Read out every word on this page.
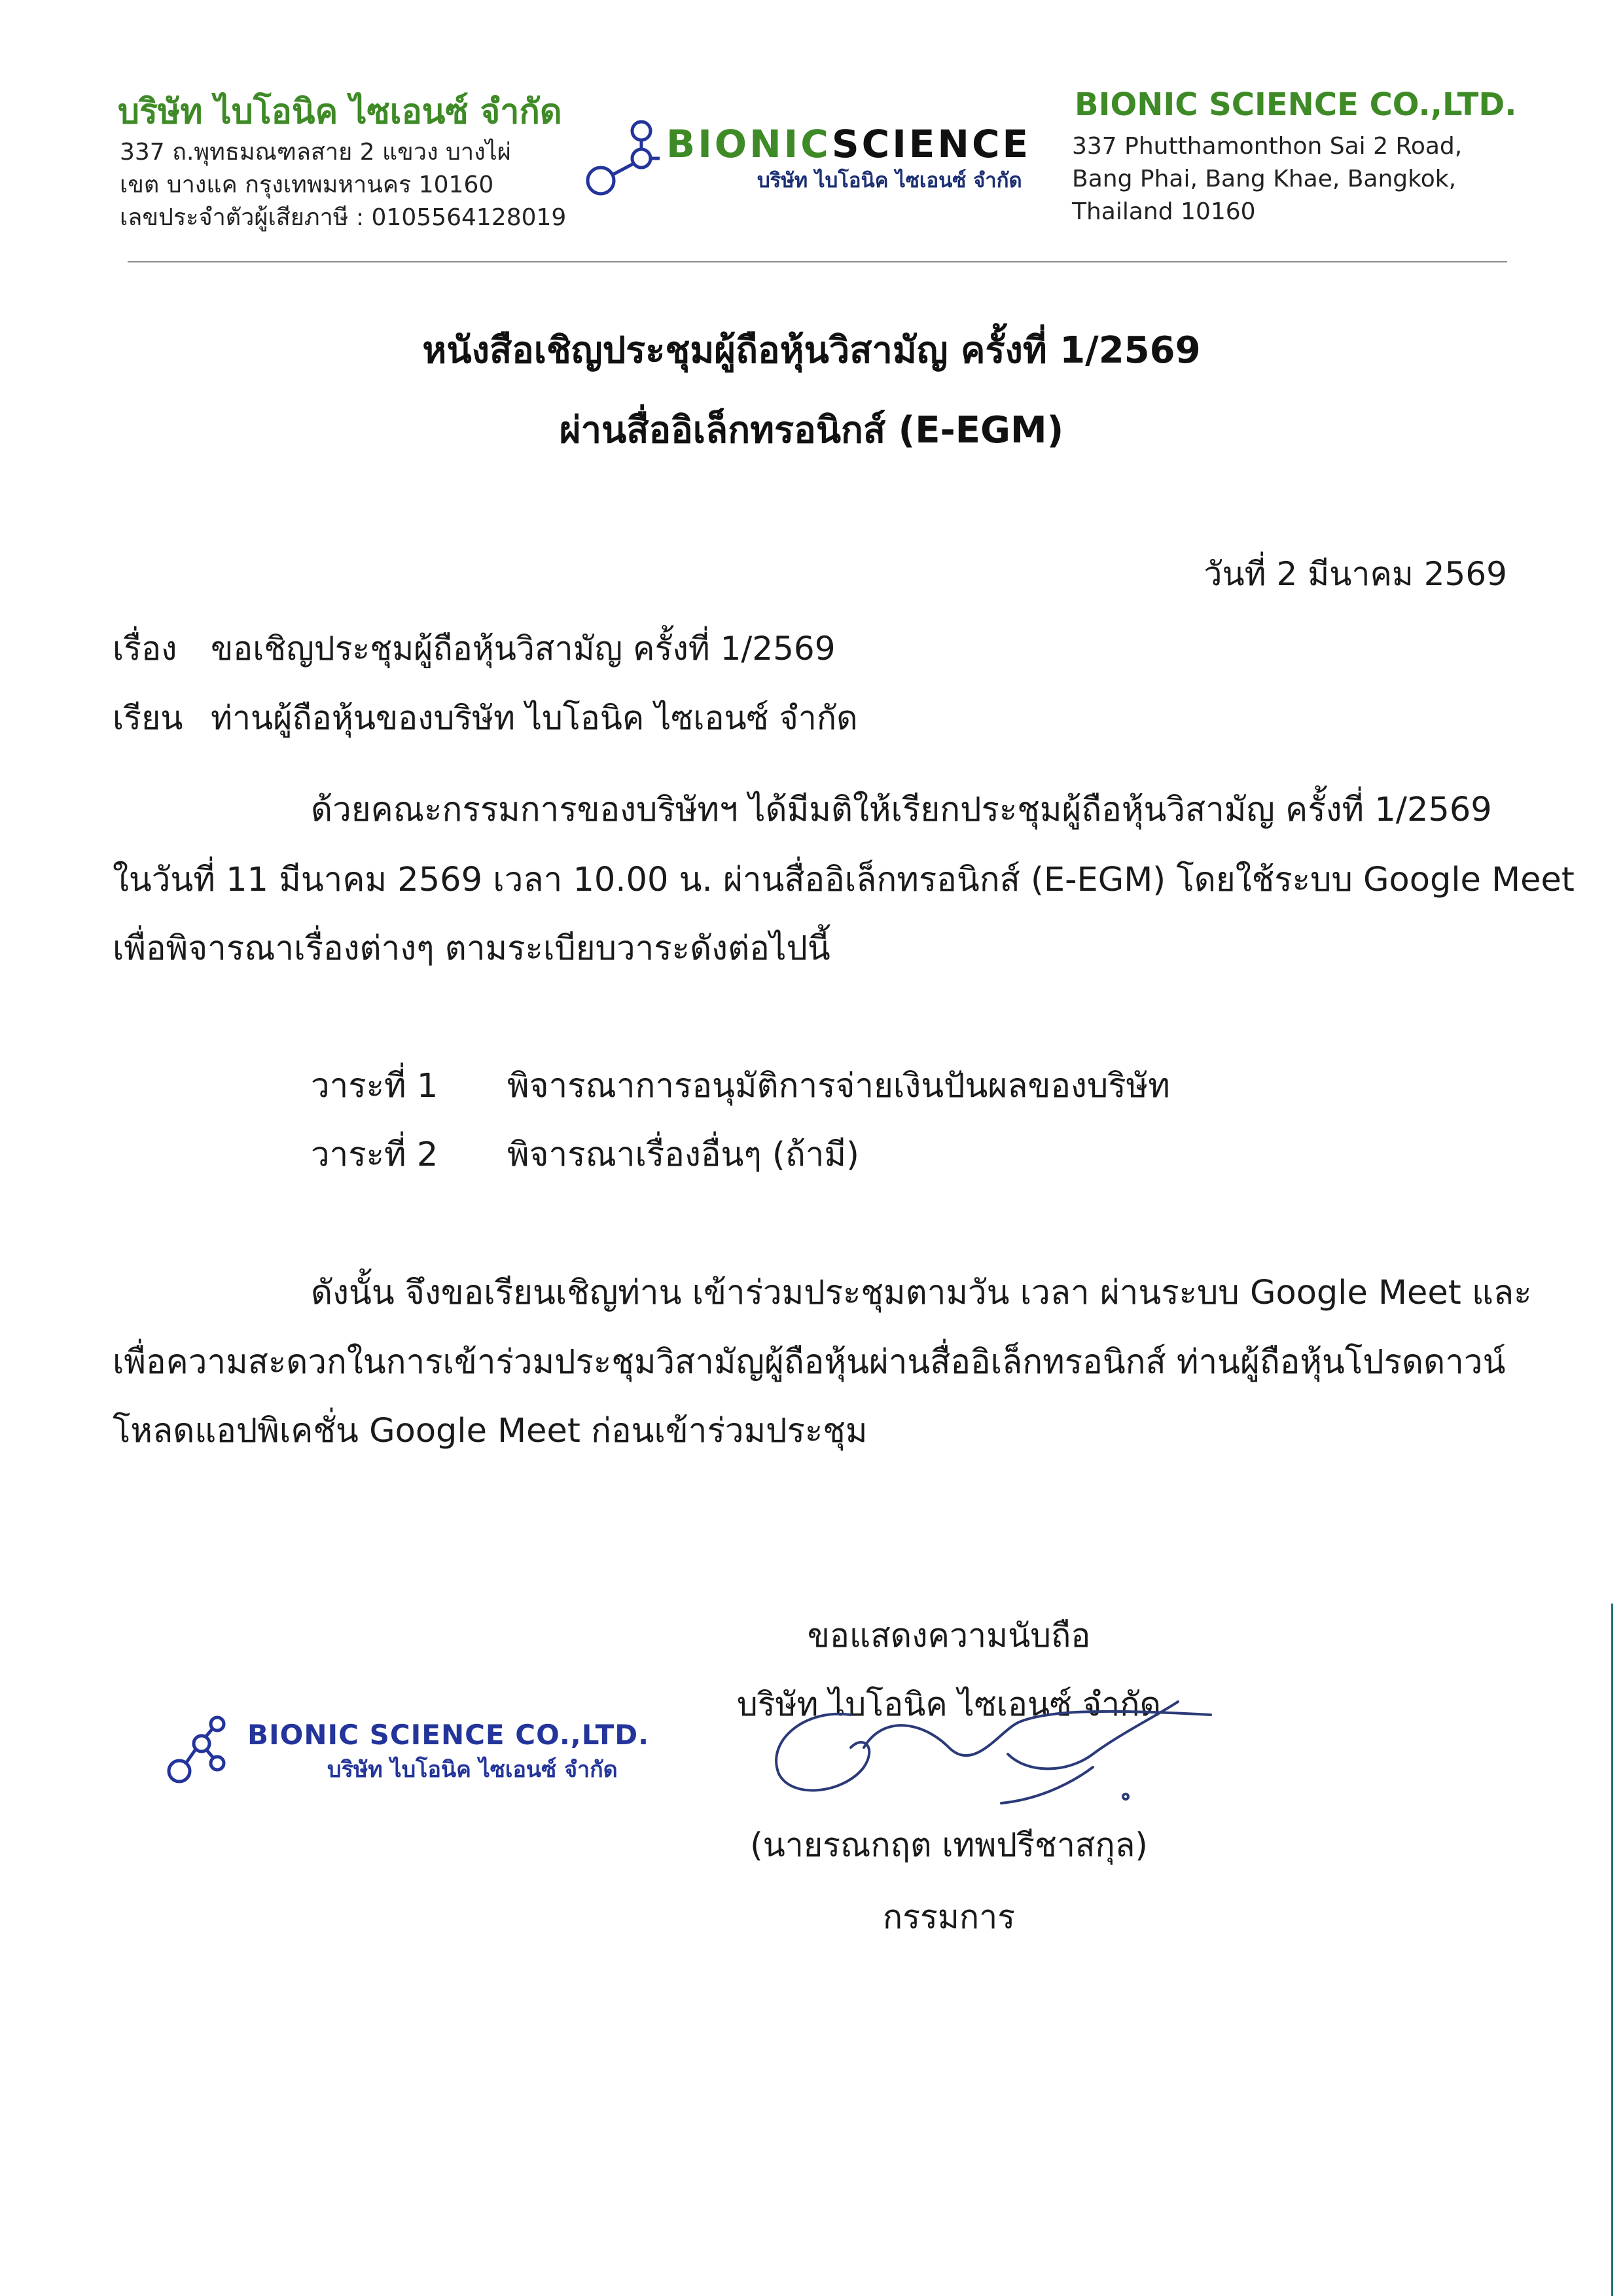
บริษัท ไบโอนิค ไซเอนซ์ จำกัด
337 ถ.พุทธมณฑลสาย 2 แขวง บางไผ่
เขต บางแค กรุงเทพมหานคร 10160
เลขประจำตัวผู้เสียภาษี : 0105564128019
BIONICSCIENCE
บริษัท ไบโอนิค ไซเอนซ์ จำกัด
BIONIC SCIENCE CO.,LTD.
337 Phutthamonthon Sai 2 Road,
Bang Phai, Bang Khae, Bangkok,
Thailand 10160
หนังสือเชิญประชุมผู้ถือหุ้นวิสามัญ ครั้งที่ 1/2569
ผ่านสื่ออิเล็กทรอนิกส์ (E-EGM)
วันที่ 2 มีนาคม 2569
เรื่อง ขอเชิญประชุมผู้ถือหุ้นวิสามัญ ครั้งที่ 1/2569
เรียน ท่านผู้ถือหุ้นของบริษัท ไบโอนิค ไซเอนซ์ จำกัด
ด้วยคณะกรรมการของบริษัทฯ ได้มีมติให้เรียกประชุมผู้ถือหุ้นวิสามัญ ครั้งที่ 1/2569
ในวันที่ 11 มีนาคม 2569 เวลา 10.00 น. ผ่านสื่ออิเล็กทรอนิกส์ (E-EGM) โดยใช้ระบบ Google Meet
เพื่อพิจารณาเรื่องต่างๆ ตามระเบียบวาระดังต่อไปนี้
วาระที่ 1 พิจารณาการอนุมัติการจ่ายเงินปันผลของบริษัท
วาระที่ 2 พิจารณาเรื่องอื่นๆ (ถ้ามี)
ดังนั้น จึงขอเรียนเชิญท่าน เข้าร่วมประชุมตามวัน เวลา ผ่านระบบ Google Meet และ
เพื่อความสะดวกในการเข้าร่วมประชุมวิสามัญผู้ถือหุ้นผ่านสื่ออิเล็กทรอนิกส์ ท่านผู้ถือหุ้นโปรดดาวน์
โหลดแอปพิเคชั่น Google Meet ก่อนเข้าร่วมประชุม
ขอแสดงความนับถือ
บริษัท ไบโอนิค ไซเอนซ์ จำกัด
(นายรณกฤต เทพปรีชาสกุล)
กรรมการ
BIONIC SCIENCE CO.,LTD.
บริษัท ไบโอนิค ไซเอนซ์ จำกัด
